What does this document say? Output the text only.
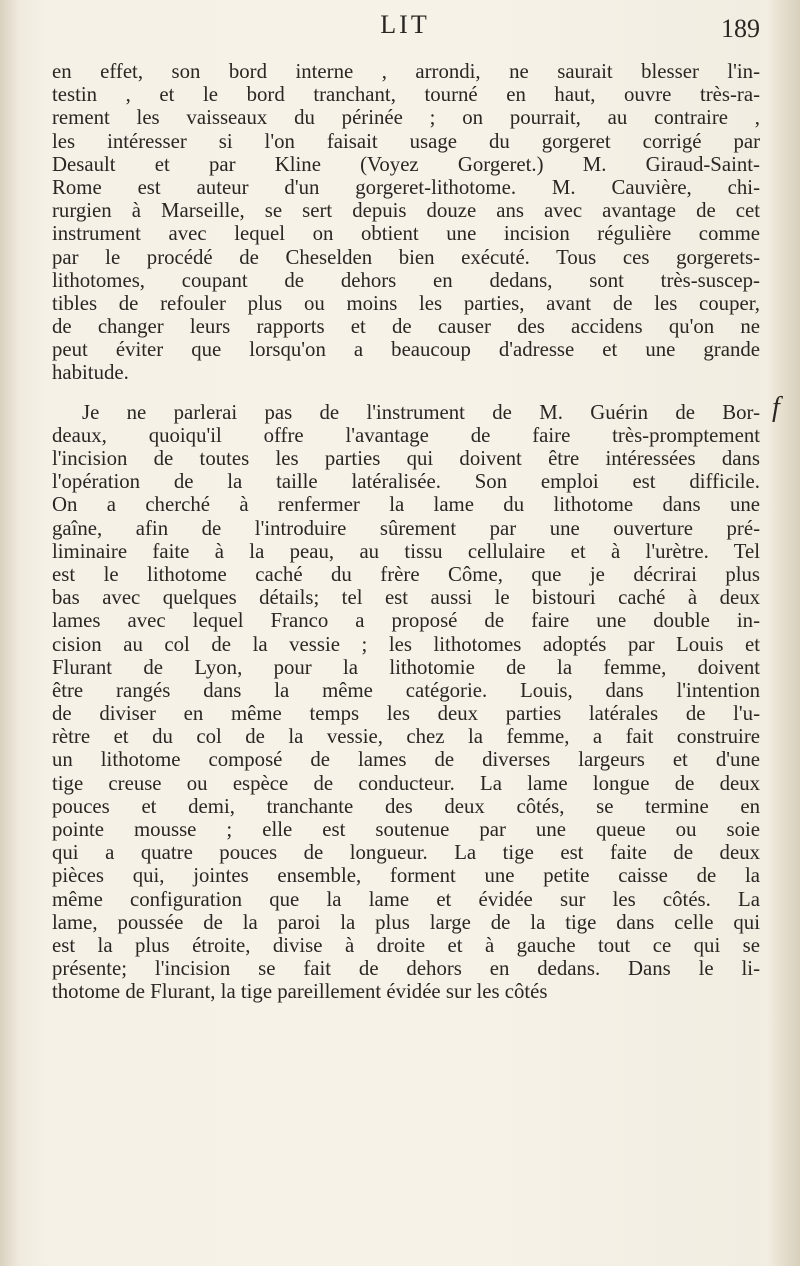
LIT	189
en effet, son bord interne , arrondi, ne saurait blesser l'in-
testin , et le bord tranchant, tourné en haut, ouvre très-ra-
rement les vaisseaux du périnée ; on pourrait, au contraire ,
les intéresser si l'on faisait usage du gorgeret corrigé par
Desault et par Kline (Voyez Gorgeret.) M. Giraud-Saint-
Rome est auteur d'un gorgeret-lithotome. M. Cauvière, chi-
rurgien à Marseille, se sert depuis douze ans avec avantage de cet
instrument avec lequel on obtient une incision régulière comme
par le procédé de Cheselden bien exécuté. Tous ces gorgerets-
lithotomes, coupant de dehors en dedans, sont très-suscep-
tibles de refouler plus ou moins les parties, avant de les couper,
de changer leurs rapports et de causer des accidens qu'on ne
peut éviter que lorsqu'on a beaucoup d'adresse et une grande
habitude.
Je ne parlerai pas de l'instrument de M. Guérin de Bor-
deaux, quoiqu'il offre l'avantage de faire très-promptement
l'incision de toutes les parties qui doivent être intéressées dans
l'opération de la taille latéralisée. Son emploi est difficile.
On a cherché à renfermer la lame du lithotome dans une
gaîne, afin de l'introduire sûrement par une ouverture pré-
liminaire faite à la peau, au tissu cellulaire et à l'urètre. Tel
est le lithotome caché du frère Côme, que je décrirai plus
bas avec quelques détails; tel est aussi le bistouri caché à deux
lames avec lequel Franco a proposé de faire une double in-
cision au col de la vessie ; les lithotomes adoptés par Louis et
Flurant de Lyon, pour la lithotomie de la femme, doivent
être rangés dans la même catégorie. Louis, dans l'intention
de diviser en même temps les deux parties latérales de l'u-
rètre et du col de la vessie, chez la femme, a fait construire
un lithotome composé de lames de diverses largeurs et d'une
tige creuse ou espèce de conducteur. La lame longue de deux
pouces et demi, tranchante des deux côtés, se termine en
pointe mousse ; elle est soutenue par une queue ou soie
qui a quatre pouces de longueur. La tige est faite de deux
pièces qui, jointes ensemble, forment une petite caisse de la
même configuration que la lame et évidée sur les côtés. La
lame, poussée de la paroi la plus large de la tige dans celle qui
est la plus étroite, divise à droite et à gauche tout ce qui se
présente; l'incision se fait de dehors en dedans. Dans le li-
thotome de Flurant, la tige pareillement évidée sur les côtés
f
